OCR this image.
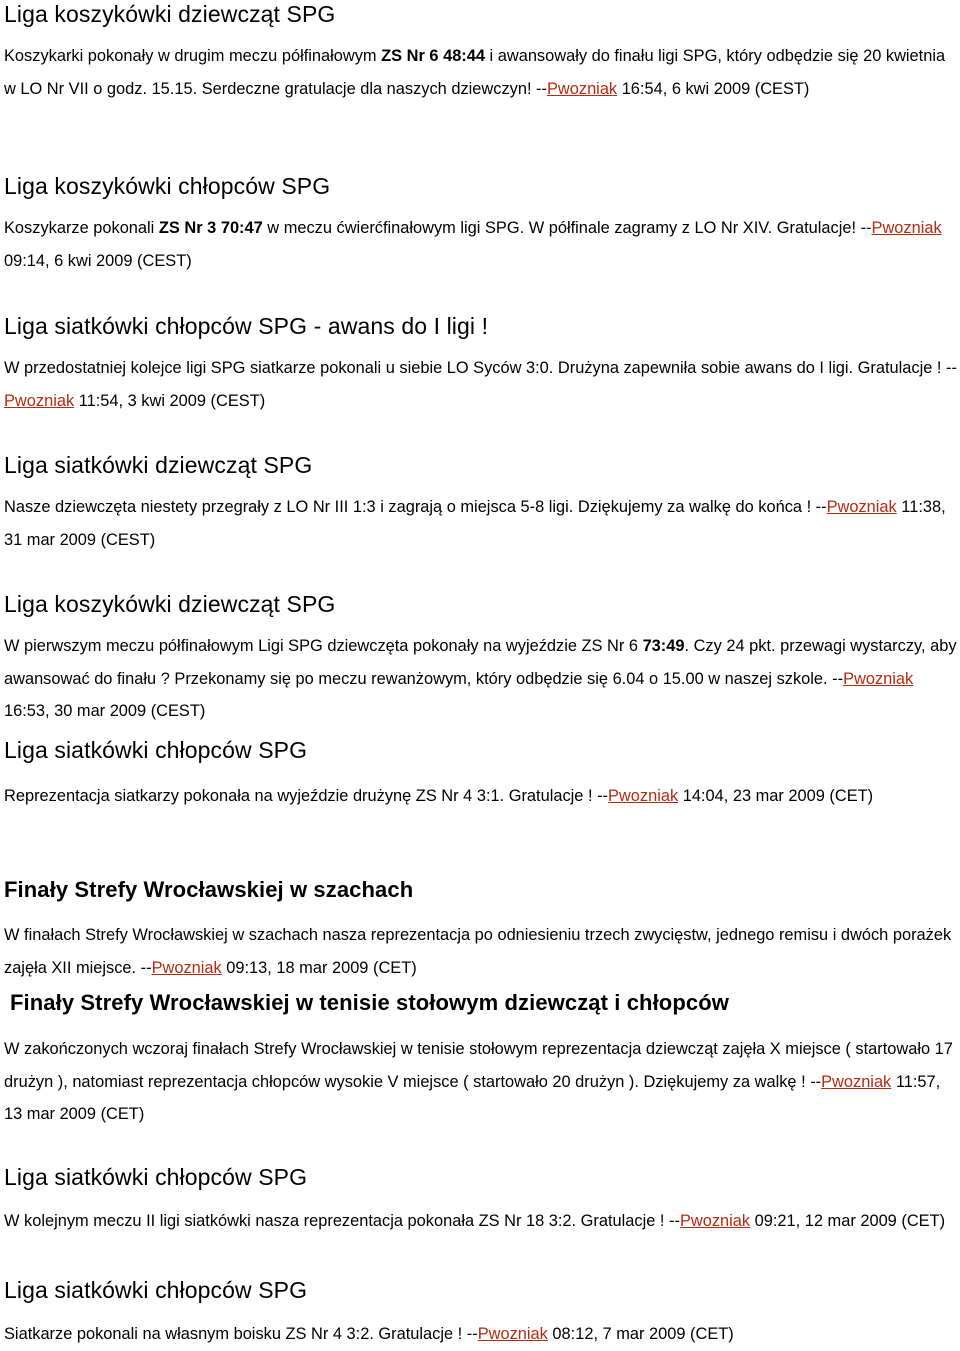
Liga koszykówki dziewcząt SPG

Koszykarki pokonały w drugim meczu półfinałowym ZS Nr 6 48:44 i awansowały do finału ligi SPG, który odbędzie się 20 kwietnia w LO Nr VII o godz. 15.15. Serdeczne gratulacje dla naszych dziewczyn! --Pwozniak 16:54, 6 kwi 2009 (CEST)

Liga koszykówki chłopców SPG

Koszykarze pokonali ZS Nr 3 70:47 w meczu ćwierćfinałowym ligi SPG. W półfinale zagramy z LO Nr XIV. Gratulacje! --Pwozniak 09:14, 6 kwi 2009 (CEST)

Liga siatkówki chłopców SPG - awans do I ligi !

W przedostatniej kolejce ligi SPG siatkarze pokonali u siebie LO Syców 3:0. Drużyna zapewniła sobie awans do I ligi. Gratulacje ! --Pwozniak 11:54, 3 kwi 2009 (CEST)

Liga siatkówki dziewcząt SPG

Nasze dziewczęta niestety przegrały z LO Nr III 1:3 i zagrają o miejsca 5-8 ligi. Dziękujemy za walkę do końca ! --Pwozniak 11:38, 31 mar 2009 (CEST)

Liga koszykówki dziewcząt SPG

W pierwszym meczu półfinałowym Ligi SPG dziewczęta pokonały na wyjeździe ZS Nr 6 73:49. Czy 24 pkt. przewagi wystarczy, aby awansować do finału ? Przekonamy się po meczu rewanżowym, który odbędzie się 6.04 o 15.00 w naszej szkole. --Pwozniak 16:53, 30 mar 2009 (CEST)

Liga siatkówki chłopców SPG

Reprezentacja siatkarzy pokonała na wyjeździe drużynę ZS Nr 4 3:1. Gratulacje ! --Pwozniak 14:04, 23 mar 2009 (CET)

Finały Strefy Wrocławskiej w szachach

W finałach Strefy Wrocławskiej w szachach nasza reprezentacja po odniesieniu trzech zwycięstw, jednego remisu i dwóch porażek zajęła XII miejsce. --Pwozniak 09:13, 18 mar 2009 (CET)

Finały Strefy Wrocławskiej w tenisie stołowym dziewcząt i chłopców

W zakończonych wczoraj finałach Strefy Wrocławskiej w tenisie stołowym reprezentacja dziewcząt zajęła X miejsce ( startowało 17 drużyn ), natomiast reprezentacja chłopców wysokie V miejsce ( startowało 20 drużyn ). Dziękujemy za walkę ! --Pwozniak 11:57, 13 mar 2009 (CET)

Liga siatkówki chłopców SPG

W kolejnym meczu II ligi siatkówki nasza reprezentacja pokonała ZS Nr 18 3:2. Gratulacje ! --Pwozniak 09:21, 12 mar 2009 (CET)

Liga siatkówki chłopców SPG

Siatkarze pokonali na własnym boisku ZS Nr 4 3:2. Gratulacje ! --Pwozniak 08:12, 7 mar 2009 (CET)
